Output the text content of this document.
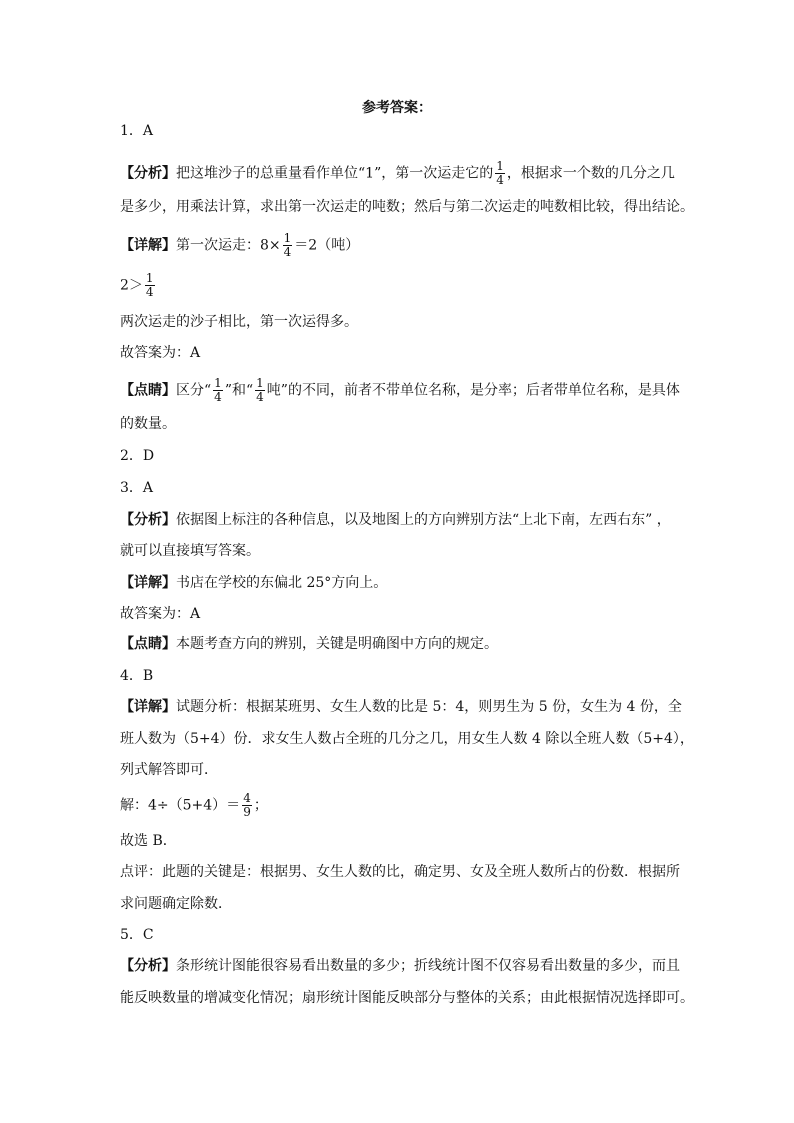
参考答案：
1．A
【分析】把这堆沙子的总重量看作单位“1”，第一次运走它的 $\frac{1}{4}$ ，根据求一个数的几分之几
是多少，用乘法计算，求出第一次运走的吨数；然后与第二次运走的吨数相比较，得出结论。
【详解】第一次运走：$8\times \frac{1}{4} =2$（吨）
$2> \frac{1}{4}$
两次运走的沙子相比，第一次运得多。
故答案为：A
【点睛】区分“ $\frac{1}{4}$ ”和“ $\frac{1}{4}$ 吨”的不同，前者不带单位名称，是分率；后者带单位名称，是具体
的数量。
2．D
3．A
【分析】依据图上标注的各种信息，以及地图上的方向辨别方法“上北下南，左西右东” ，
就可以直接填写答案。
【详解】书店在学校的东偏北 25°方向上。
故答案为：A
【点睛】本题考查方向的辨别，关键是明确图中方向的规定。
4．B
【详解】试题分析：根据某班男、女生人数的比是 5：4，则男生为 5 份，女生为 4 份，全
班人数为（5+4）份．求女生人数占全班的几分之几，用女生人数 4 除以全班人数（5+4），
列式解答即可．
解：$4\div(5+4)= \frac{4}{9}$ ；
故选 B．
点评：此题的关键是：根据男、女生人数的比，确定男、女及全班人数所占的份数．根据所
求问题确定除数．
5．C
【分析】条形统计图能很容易看出数量的多少；折线统计图不仅容易看出数量的多少，而且
能反映数量的增减变化情况；扇形统计图能反映部分与整体的关系；由此根据情况选择即可。
